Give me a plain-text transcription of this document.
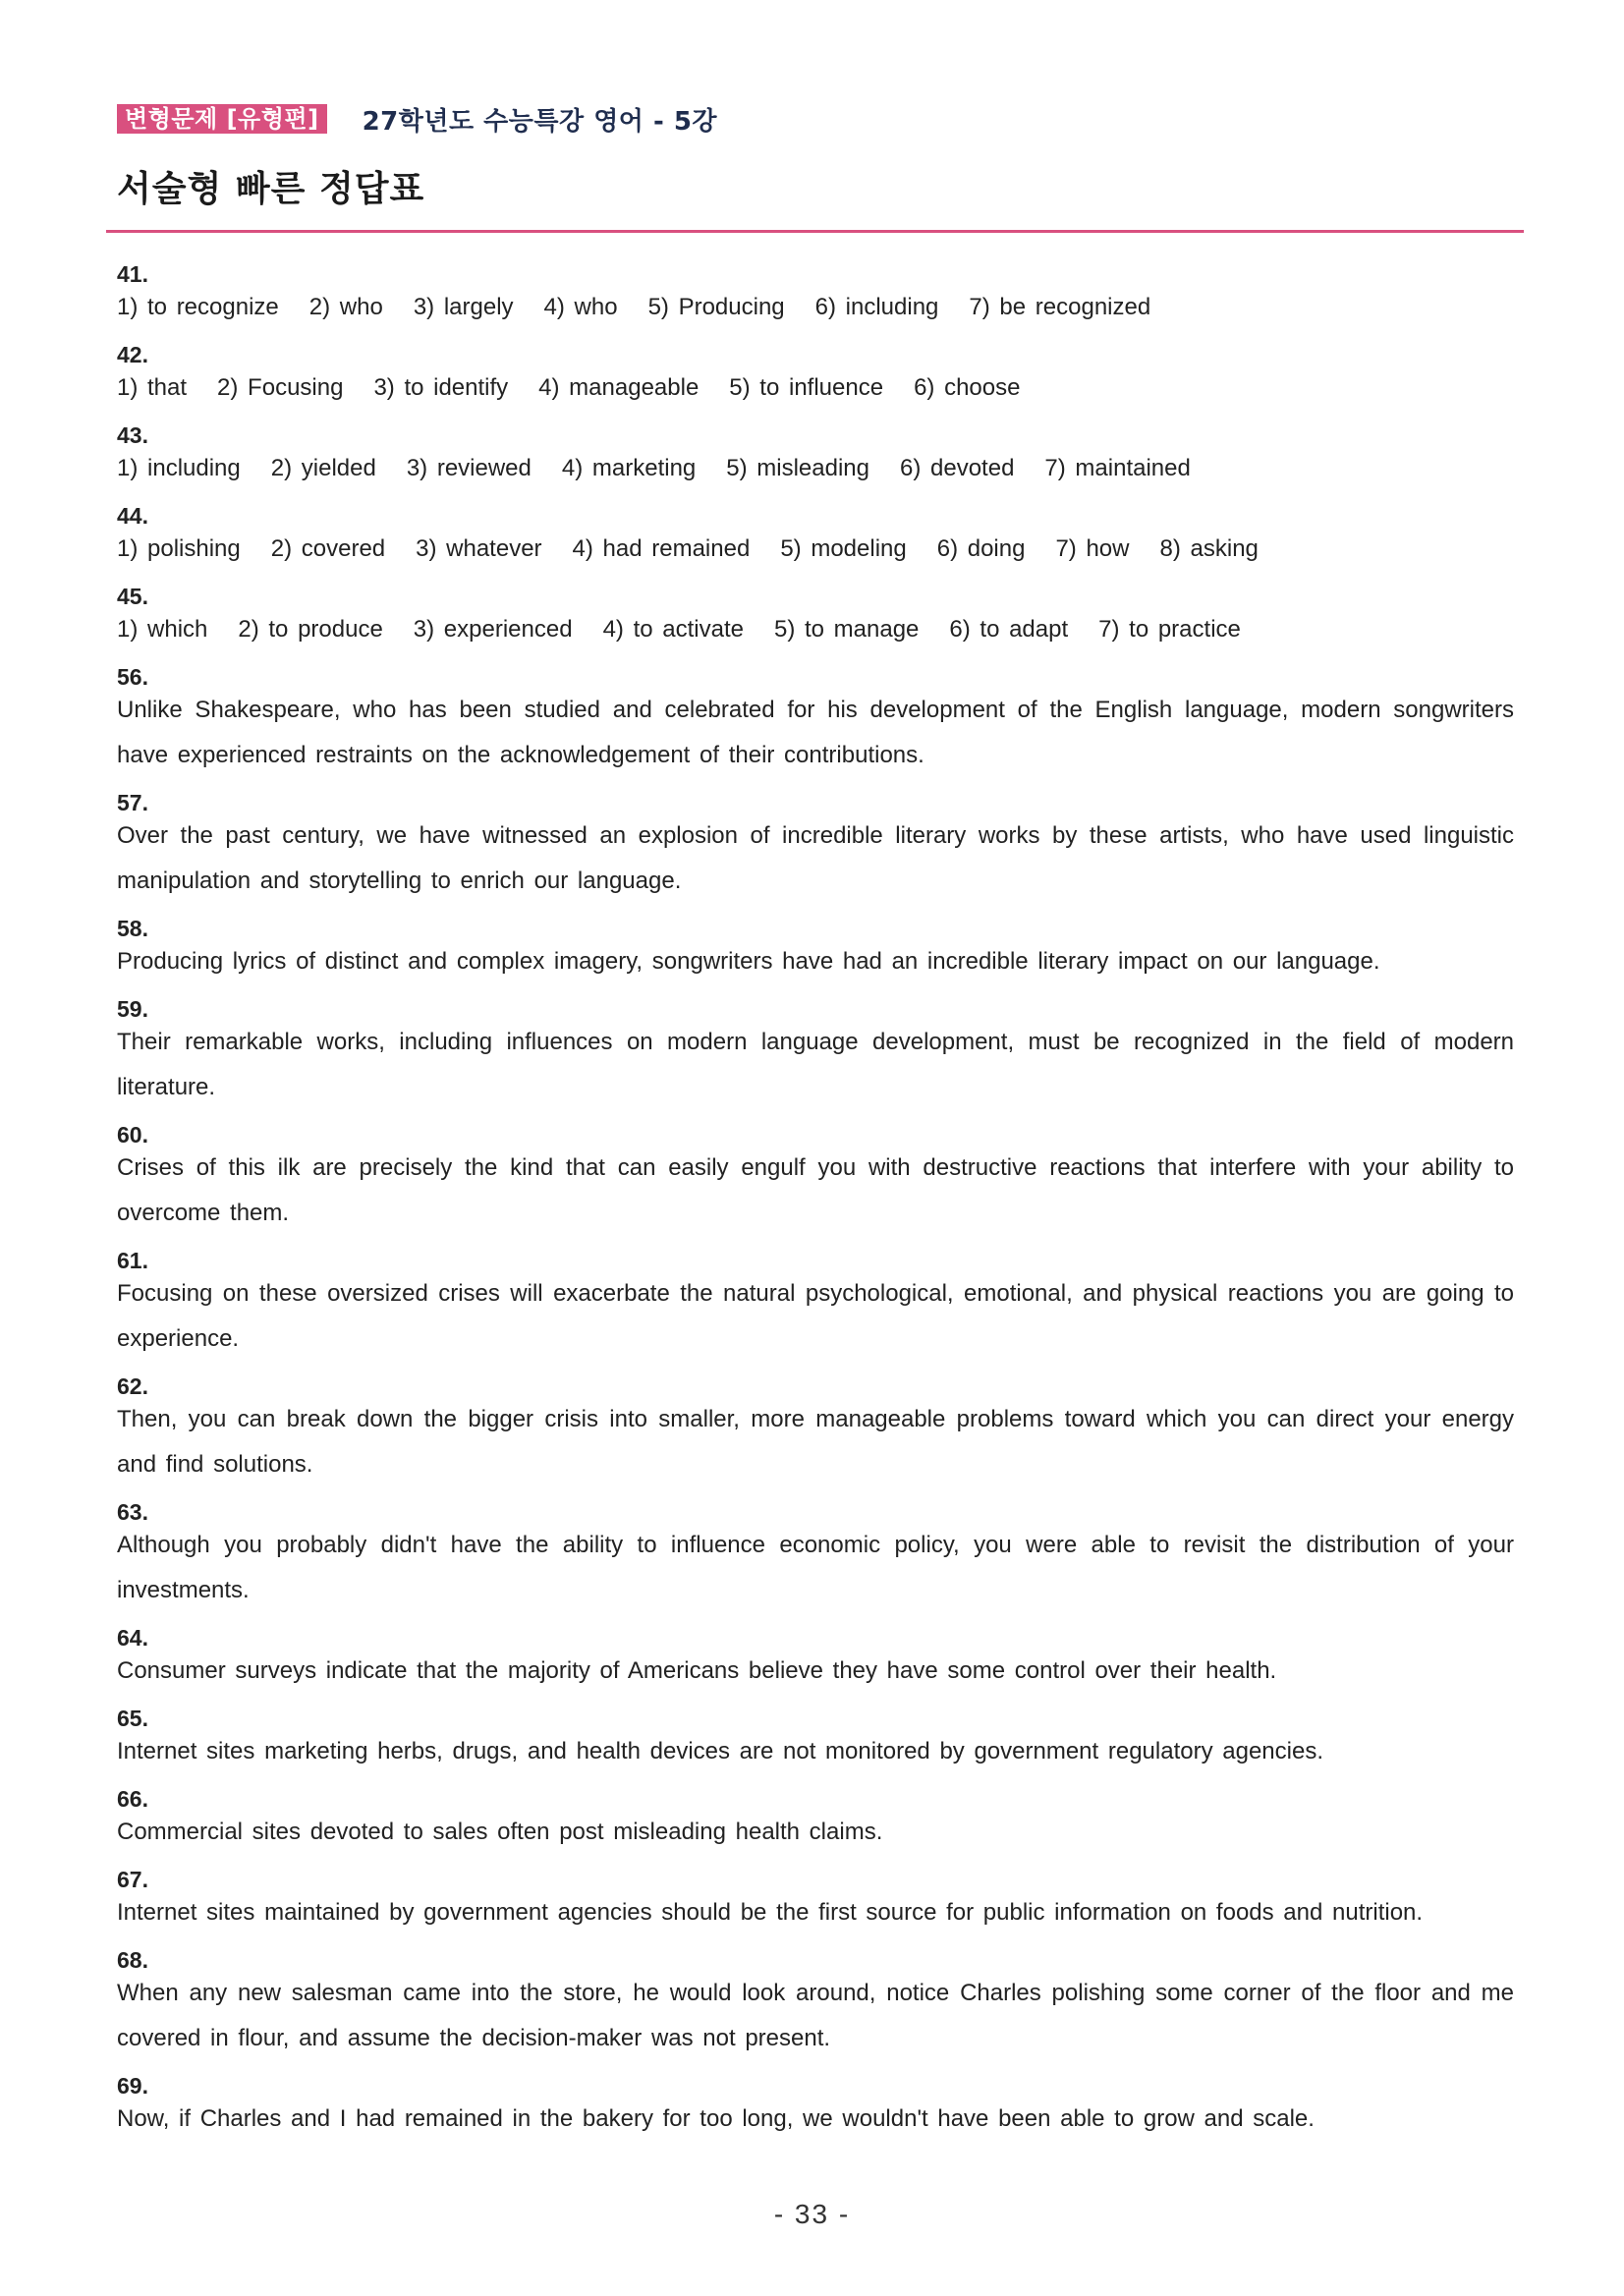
변형문제 [유형편]	27학년도 수능특강 영어 - 5강
서술형 빠른 정답표
41.
1) to recognize 2) who 3) largely 4) who 5) Producing 6) including 7) be recognized
42.
1) that 2) Focusing 3) to identify 4) manageable 5) to influence 6) choose
43.
1) including 2) yielded 3) reviewed 4) marketing 5) misleading 6) devoted 7) maintained
44.
1) polishing 2) covered 3) whatever 4) had remained 5) modeling 6) doing 7) how 8) asking
45.
1) which 2) to produce 3) experienced 4) to activate 5) to manage 6) to adapt 7) to practice
56.
Unlike Shakespeare, who has been studied and celebrated for his development of the English language, modern songwriters have experienced restraints on the acknowledgement of their contributions.
57.
Over the past century, we have witnessed an explosion of incredible literary works by these artists, who have used linguistic manipulation and storytelling to enrich our language.
58.
Producing lyrics of distinct and complex imagery, songwriters have had an incredible literary impact on our language.
59.
Their remarkable works, including influences on modern language development, must be recognized in the field of modern literature.
60.
Crises of this ilk are precisely the kind that can easily engulf you with destructive reactions that interfere with your ability to overcome them.
61.
Focusing on these oversized crises will exacerbate the natural psychological, emotional, and physical reactions you are going to experience.
62.
Then, you can break down the bigger crisis into smaller, more manageable problems toward which you can direct your energy and find solutions.
63.
Although you probably didn't have the ability to influence economic policy, you were able to revisit the distribution of your investments.
64.
Consumer surveys indicate that the majority of Americans believe they have some control over their health.
65.
Internet sites marketing herbs, drugs, and health devices are not monitored by government regulatory agencies.
66.
Commercial sites devoted to sales often post misleading health claims.
67.
Internet sites maintained by government agencies should be the first source for public information on foods and nutrition.
68.
When any new salesman came into the store, he would look around, notice Charles polishing some corner of the floor and me covered in flour, and assume the decision-maker was not present.
69.
Now, if Charles and I had remained in the bakery for too long, we wouldn't have been able to grow and scale.
- 33 -
